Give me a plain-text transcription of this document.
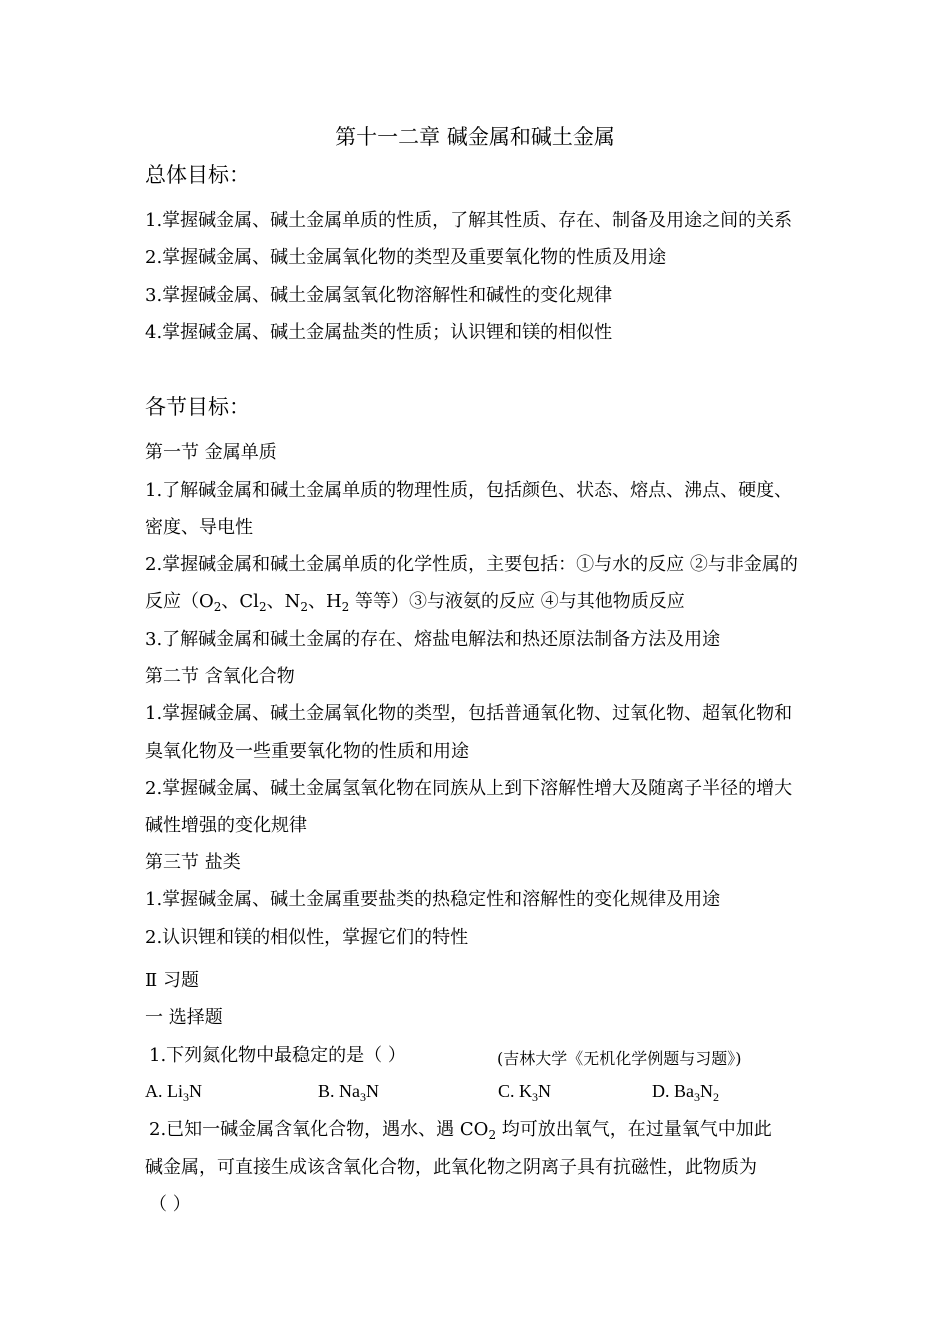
第十一二章 碱金属和碱土金属
总体目标：
1.掌握碱金属、碱土金属单质的性质，了解其性质、存在、制备及用途之间的关系
2.掌握碱金属、碱土金属氧化物的类型及重要氧化物的性质及用途
3.掌握碱金属、碱土金属氢氧化物溶解性和碱性的变化规律
4.掌握碱金属、碱土金属盐类的性质；认识锂和镁的相似性
各节目标：
第一节 金属单质
1.了解碱金属和碱土金属单质的物理性质，包括颜色、状态、熔点、沸点、硬度、
密度、导电性
2.掌握碱金属和碱土金属单质的化学性质，主要包括：①与水的反应 ②与非金属的
反应（$O_2$、$Cl_2$、$N_2$、$H_2$ 等等）③与液氨的反应 ④与其他物质反应
3.了解碱金属和碱土金属的存在、熔盐电解法和热还原法制备方法及用途
第二节 含氧化合物
1.掌握碱金属、碱土金属氧化物的类型，包括普通氧化物、过氧化物、超氧化物和
臭氧化物及一些重要氧化物的性质和用途
2.掌握碱金属、碱土金属氢氧化物在同族从上到下溶解性增大及随离子半径的增大
碱性增强的变化规律
第三节 盐类
1.掌握碱金属、碱土金属重要盐类的热稳定性和溶解性的变化规律及用途
2.认识锂和镁的相似性，掌握它们的特性
Ⅱ 习题
一 选择题
1.下列氮化物中最稳定的是（ ）	(吉林大学《无机化学例题与习题》)
A. $Li_3N$	B. $Na_3N$	C. $K_3N$	D. $Ba_3N_2$
2.已知一碱金属含氧化合物，遇水、遇 $CO_2$ 均可放出氧气，在过量氧气中加此
碱金属，可直接生成该含氧化合物，此氧化物之阴离子具有抗磁性，此物质为
（ ）
